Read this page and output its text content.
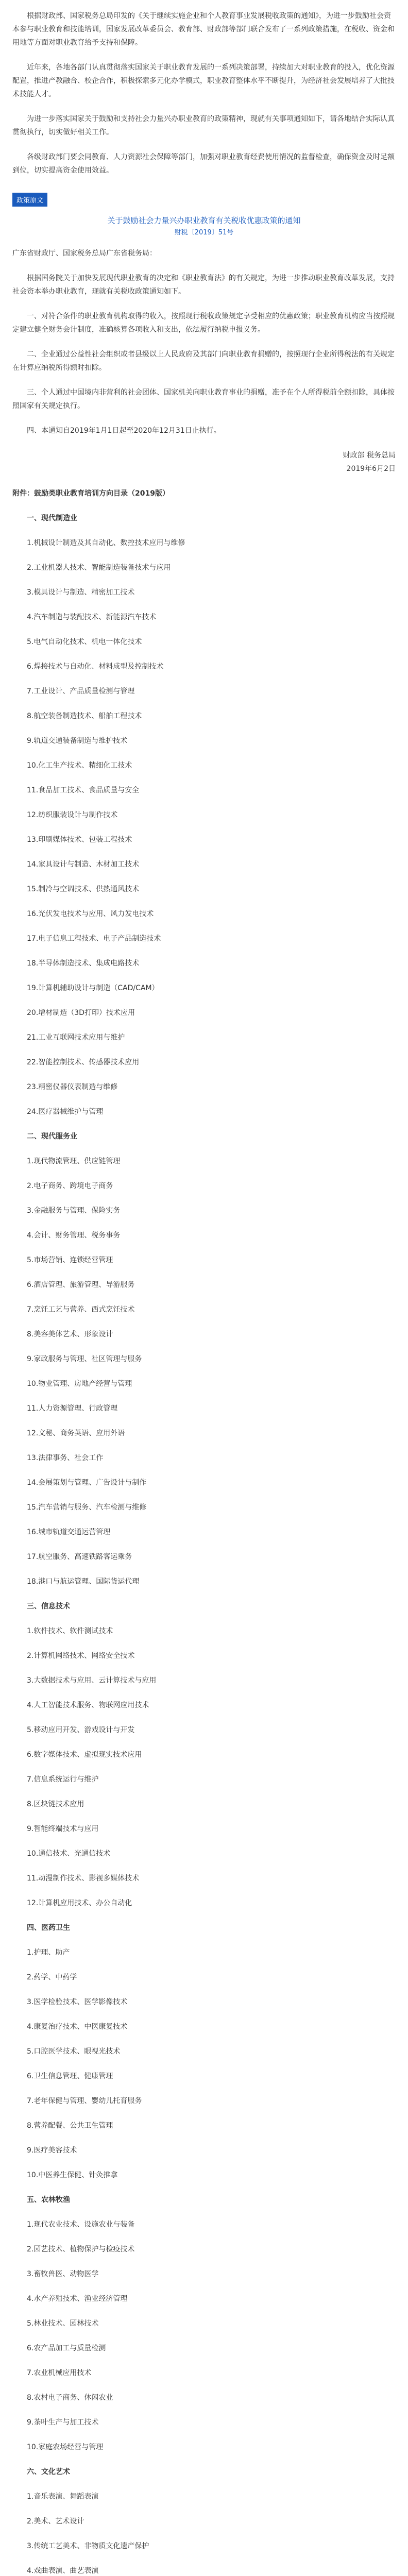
根据财政部、国家税务总局印发的《关于继续实施企业和个人教育事业发展税收政策的通知》，为进一步鼓励社会资本参与职业教育和技能培训，国家发展改革委员会、教育部、财政部等部门联合发布了一系列政策措施，在税收、资金和用地等方面对职业教育给予支持和保障。

近年来，各地各部门认真贯彻落实国家关于职业教育发展的一系列决策部署，持续加大对职业教育的投入，优化资源配置，推进产教融合、校企合作，积极探索多元化办学模式，职业教育整体水平不断提升，为经济社会发展培养了大批技术技能人才。

为进一步落实国家关于鼓励和支持社会力量兴办职业教育的政策精神，现就有关事项通知如下，请各地结合实际认真贯彻执行，切实做好相关工作。

各级财政部门要会同教育、人力资源社会保障等部门，加强对职业教育经费使用情况的监督检查，确保资金及时足额到位，切实提高资金使用效益。

政策原文
关于鼓励社会力量兴办职业教育有关税收优惠政策的通知
财税〔2019〕51号

广东省财政厅、国家税务总局广东省税务局：

根据国务院关于加快发展现代职业教育的决定和《职业教育法》的有关规定，为进一步推动职业教育改革发展，支持社会资本举办职业教育，现就有关税收政策通知如下。

一、对符合条件的职业教育机构取得的收入，按照现行税收政策规定享受相应的优惠政策；职业教育机构应当按照规定建立健全财务会计制度，准确核算各项收入和支出，依法履行纳税申报义务。

二、企业通过公益性社会组织或者县级以上人民政府及其部门向职业教育捐赠的，按照现行企业所得税法的有关规定在计算应纳税所得额时扣除。

三、个人通过中国境内非营利的社会团体、国家机关向职业教育事业的捐赠，准予在个人所得税前全额扣除，具体按照国家有关规定执行。

四、本通知自2019年1月1日起至2020年12月31日止执行。

财政部 税务总局
2019年6月2日
附件：鼓励类职业教育培训方向目录（2019版）
一、现代制造业
1.机械设计制造及其自动化、数控技术应用与维修
2.工业机器人技术、智能制造装备技术与应用
3.模具设计与制造、精密加工技术
4.汽车制造与装配技术、新能源汽车技术
5.电气自动化技术、机电一体化技术
6.焊接技术与自动化、材料成型及控制技术
7.工业设计、产品质量检测与管理
8.航空装备制造技术、船舶工程技术
9.轨道交通装备制造与维护技术
10.化工生产技术、精细化工技术
11.食品加工技术、食品质量与安全
12.纺织服装设计与制作技术
13.印刷媒体技术、包装工程技术
14.家具设计与制造、木材加工技术
15.制冷与空调技术、供热通风技术
16.光伏发电技术与应用、风力发电技术
17.电子信息工程技术、电子产品制造技术
18.半导体制造技术、集成电路技术
19.计算机辅助设计与制造（CAD/CAM）
20.增材制造（3D打印）技术应用
21.工业互联网技术应用与维护
22.智能控制技术、传感器技术应用
23.精密仪器仪表制造与维修
24.医疗器械维护与管理
二、现代服务业
1.现代物流管理、供应链管理
2.电子商务、跨境电子商务
3.金融服务与管理、保险实务
4.会计、财务管理、税务事务
5.市场营销、连锁经营管理
6.酒店管理、旅游管理、导游服务
7.烹饪工艺与营养、西式烹饪技术
8.美容美体艺术、形象设计
9.家政服务与管理、社区管理与服务
10.物业管理、房地产经营与管理
11.人力资源管理、行政管理
12.文秘、商务英语、应用外语
13.法律事务、社会工作
14.会展策划与管理、广告设计与制作
15.汽车营销与服务、汽车检测与维修
16.城市轨道交通运营管理
17.航空服务、高速铁路客运乘务
18.港口与航运管理、国际货运代理
三、信息技术
1.软件技术、软件测试技术
2.计算机网络技术、网络安全技术
3.大数据技术与应用、云计算技术与应用
4.人工智能技术服务、物联网应用技术
5.移动应用开发、游戏设计与开发
6.数字媒体技术、虚拟现实技术应用
7.信息系统运行与维护
8.区块链技术应用
9.智能终端技术与应用
10.通信技术、光通信技术
11.动漫制作技术、影视多媒体技术
12.计算机应用技术、办公自动化
四、医药卫生
1.护理、助产
2.药学、中药学
3.医学检验技术、医学影像技术
4.康复治疗技术、中医康复技术
5.口腔医学技术、眼视光技术
6.卫生信息管理、健康管理
7.老年保健与管理、婴幼儿托育服务
8.营养配餐、公共卫生管理
9.医疗美容技术
10.中医养生保健、针灸推拿
五、农林牧渔
1.现代农业技术、设施农业与装备
2.园艺技术、植物保护与检疫技术
3.畜牧兽医、动物医学
4.水产养殖技术、渔业经济管理
5.林业技术、园林技术
6.农产品加工与质量检测
7.农业机械应用技术
8.农村电子商务、休闲农业
9.茶叶生产与加工技术
10.家庭农场经营与管理
六、文化艺术
1.音乐表演、舞蹈表演
2.美术、艺术设计
3.传统工艺美术、非物质文化遗产保护
4.戏曲表演、曲艺表演
